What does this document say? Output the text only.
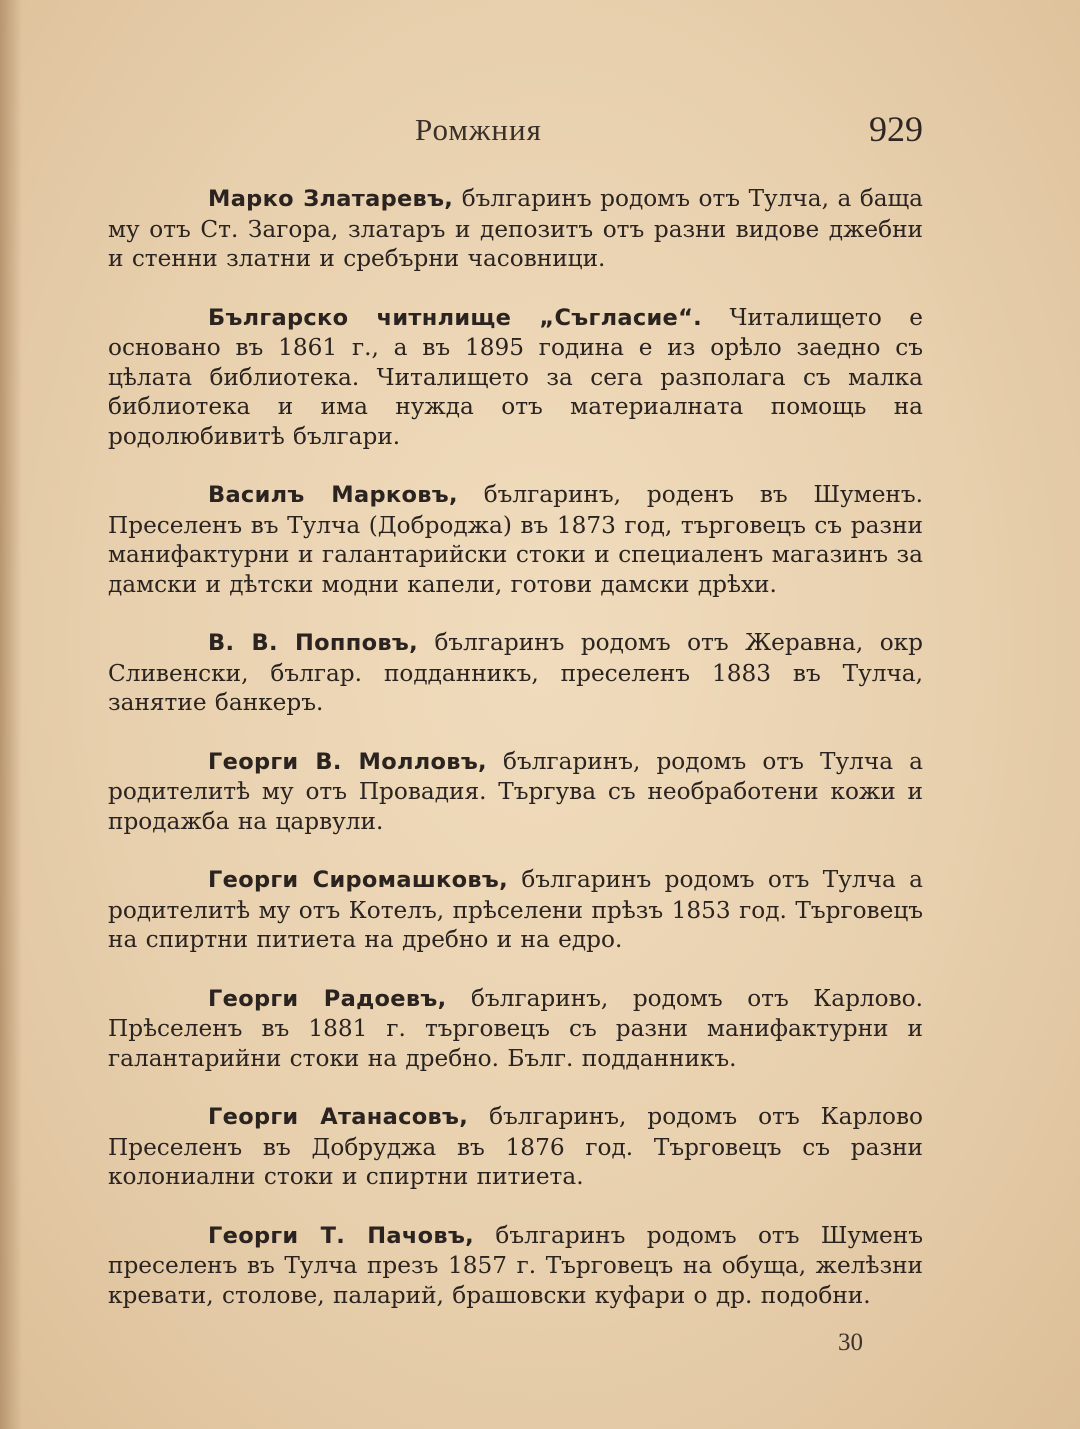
Ромжния	929

Марко Златаревъ, българинъ родомъ отъ Тулча, а баща му отъ Ст. Загора, златаръ и депозитъ отъ разни видове джебни и стенни златни и сребърни часовници.

Българско читнлище „Съгласие“. Читалището е основано въ 1861 г., а въ 1895 година е из орѣло заедно съ цѣлата библиотека. Читалището за сега разполага съ малка библиотека и има нужда отъ материалната помощь на родолюбивитѣ българи.

Василъ Марковъ, българинъ, роденъ въ Шуменъ. Преселенъ въ Тулча (Доброджа) въ 1873 год, търговецъ съ разни манифактурни и галантарийски стоки и специаленъ магазинъ за дамски и дѣтски модни капели, готови дамски дрѣхи.

В. В. Попповъ, българинъ родомъ отъ Жеравна, окр Сливенски, българ. подданникъ, преселенъ 1883 въ Тулча, занятие банкеръ.

Георги В. Молловъ, българинъ, родомъ отъ Тулча а родителитѣ му отъ Провадия. Търгува съ необработени кожи и продажба на царвули.

Георги Сиромашковъ, българинъ родомъ отъ Тулча а родителитѣ му отъ Котелъ, прѣселени прѣзъ 1853 год. Търговецъ на спиртни питиета на дребно и на едро.

Георги Радоевъ, българинъ, родомъ отъ Карлово. Прѣселенъ въ 1881 г. търговецъ съ разни манифактурни и галантарийни стоки на дребно. Бълг. подданникъ.

Георги Атанасовъ, българинъ, родомъ отъ Карлово Преселенъ въ Добруджа въ 1876 год. Търговецъ съ разни колониални стоки и спиртни питиета.

Георги Т. Пачовъ, българинъ родомъ отъ Шуменъ преселенъ въ Тулча презъ 1857 г. Търговецъ на обуща, желѣзни кревати, столове, паларий, брашовски куфари о др. подобни.

30
